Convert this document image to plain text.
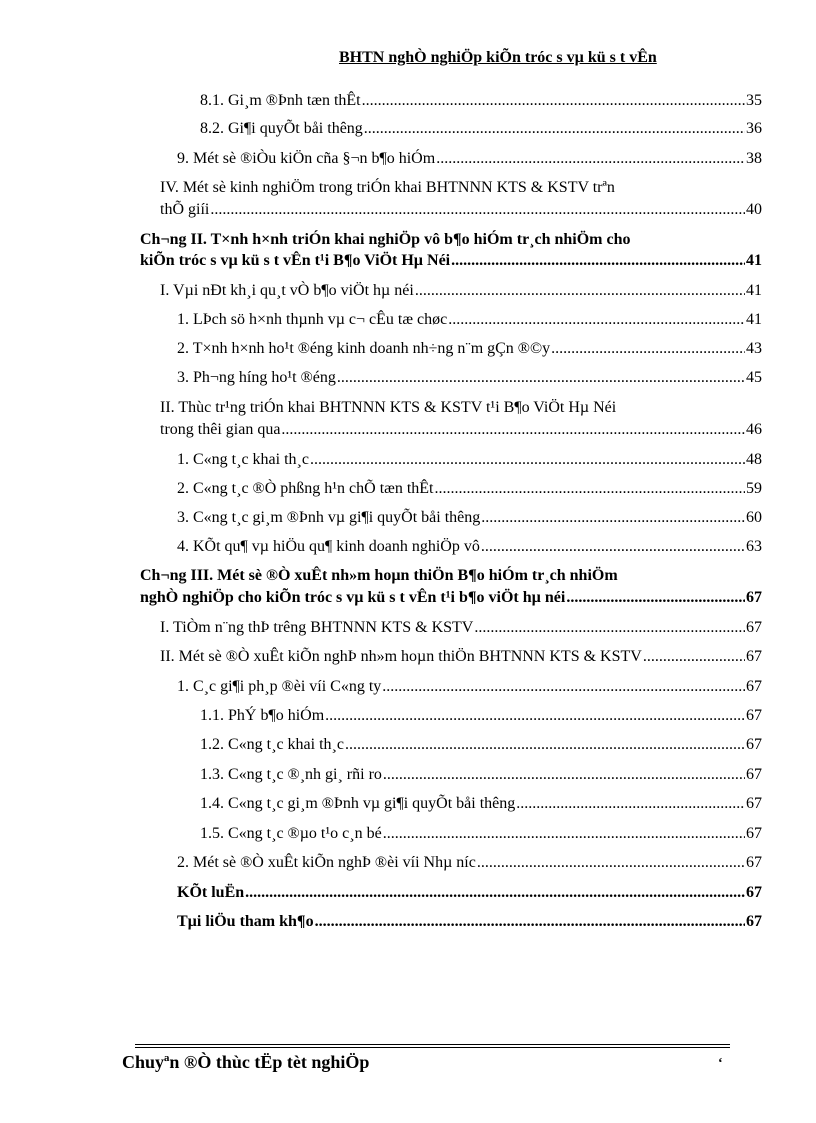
BHTN nghÒ nghiÖp kiÕn tróc s vµ kü s t vÊn
8.1. Gi¸m ®Þnh tæn thÊt .....	35
8.2. Gi¶i quyÕt båi thêng .....	36
9. Mét sè ®iÒu kiÖn cña §¬n b¶o hiÓm .....	38
IV. Mét sè kinh nghiÖm trong triÓn khai BHTNNN KTS & KSTV trªn
thÕ giíi .....	40
Ch¬ng II. T×nh h×nh triÓn khai nghiÖp vô b¶o hiÓm tr¸ch nhiÖm cho
kiÕn tróc s vµ kü s t vÊn t¹i B¶o ViÖt Hµ Néi .....	41
I. Vµi nÐt kh¸i qu¸t vÒ b¶o viÖt hµ néi .....	41
1. LÞch sö h×nh thµnh vµ c¬ cÊu tæ chøc .....	41
2. T×nh h×nh ho¹t ®éng kinh doanh nh÷ng n¨m gÇn ®©y .....	43
3. Ph¬ng híng ho¹t ®éng .....	45
II. Thùc tr¹ng triÓn khai BHTNNN KTS & KSTV t¹i B¶o ViÖt Hµ Néi
trong thêi gian qua .....	46
1. C«ng t¸c khai th¸c .....	48
2. C«ng t¸c ®Ò phßng h¹n chÕ tæn thÊt .....	59
3. C«ng t¸c gi¸m ®Þnh vµ gi¶i quyÕt båi thêng .....	60
4. KÕt qu¶ vµ hiÖu qu¶ kinh doanh nghiÖp vô .....	63
Ch¬ng III. Mét sè ®Ò xuÊt nh»m hoµn thiÖn B¶o hiÓm tr¸ch nhiÖm
nghÒ nghiÖp cho kiÕn tróc s vµ kü s t vÊn t¹i b¶o viÖt hµ néi .....	67
I. TiÒm n¨ng thÞ trêng BHTNNN KTS & KSTV .....	67
II. Mét sè ®Ò xuÊt kiÕn nghÞ nh»m hoµn thiÖn BHTNNN KTS & KSTV .....	67
1. C¸c gi¶i ph¸p ®èi víi C«ng ty .....	67
1.1. PhÝ b¶o hiÓm .....	67
1.2. C«ng t¸c khai th¸c .....	67
1.3. C«ng t¸c ®¸nh gi¸ rñi ro .....	67
1.4. C«ng t¸c gi¸m ®Þnh vµ gi¶i quyÕt båi thêng .....	67
1.5. C«ng t¸c ®µo t¹o c¸n bé .....	67
2. Mét sè ®Ò xuÊt kiÕn nghÞ ®èi víi Nhµ níc .....	67
KÕt luËn .....	67
Tµi liÖu tham kh¶o .....	67
Chuyªn ®Ò thùc tËp tèt nghiÖp	‘
